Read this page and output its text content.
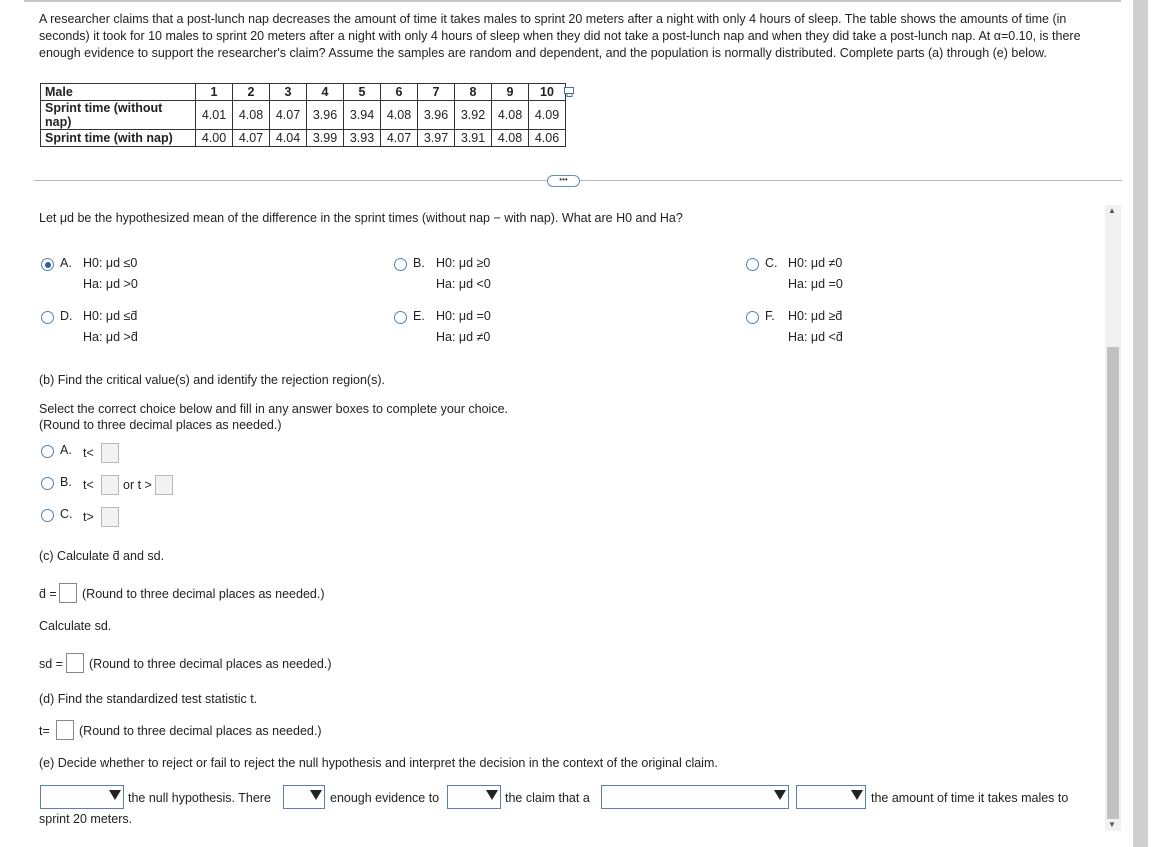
A researcher claims that a post-lunch nap decreases the amount of time it takes males to sprint 20 meters after a night with only 4 hours of sleep. The table shows the amounts of time (in seconds) it took for 10 males to sprint 20 meters after a night with only 4 hours of sleep when they did not take a post-lunch nap and when they did take a post-lunch nap. At α=0.10, is there enough evidence to support the researcher's claim? Assume the samples are random and dependent, and the population is normally distributed. Complete parts (a) through (e) below.
Male	1	2	3	4	5	6	7	8	9	10
Sprint time (without nap)	4.01	4.08	4.07	3.96	3.94	4.08	3.96	3.92	4.08	4.09
Sprint time (with nap)	4.00	4.07	4.04	3.99	3.93	4.07	3.97	3.91	4.08	4.06
•••
Let μd be the hypothesized mean of the difference in the sprint times (without nap − with nap). What are H0 and Ha?
A. H0: μd ≤0
Ha: μd >0
B. H0: μd ≥0
Ha: μd <0
C. H0: μd ≠0
Ha: μd =0
D. H0: μd ≤d̄
Ha: μd >d̄
E. H0: μd =0
Ha: μd ≠0
F. H0: μd ≥d̄
Ha: μd <d̄
(b) Find the critical value(s) and identify the rejection region(s).
Select the correct choice below and fill in any answer boxes to complete your choice.
(Round to three decimal places as needed.)
A. t<
B. t< or t >
C. t>
(c) Calculate d̄ and sd.
d̄ = (Round to three decimal places as needed.)
Calculate sd.
sd = (Round to three decimal places as needed.)
(d) Find the standardized test statistic t.
t= (Round to three decimal places as needed.)
(e) Decide whether to reject or fail to reject the null hypothesis and interpret the decision in the context of the original claim.
the null hypothesis. There	enough evidence to	the claim that a	the amount of time it takes males to
sprint 20 meters.
▲
▼
